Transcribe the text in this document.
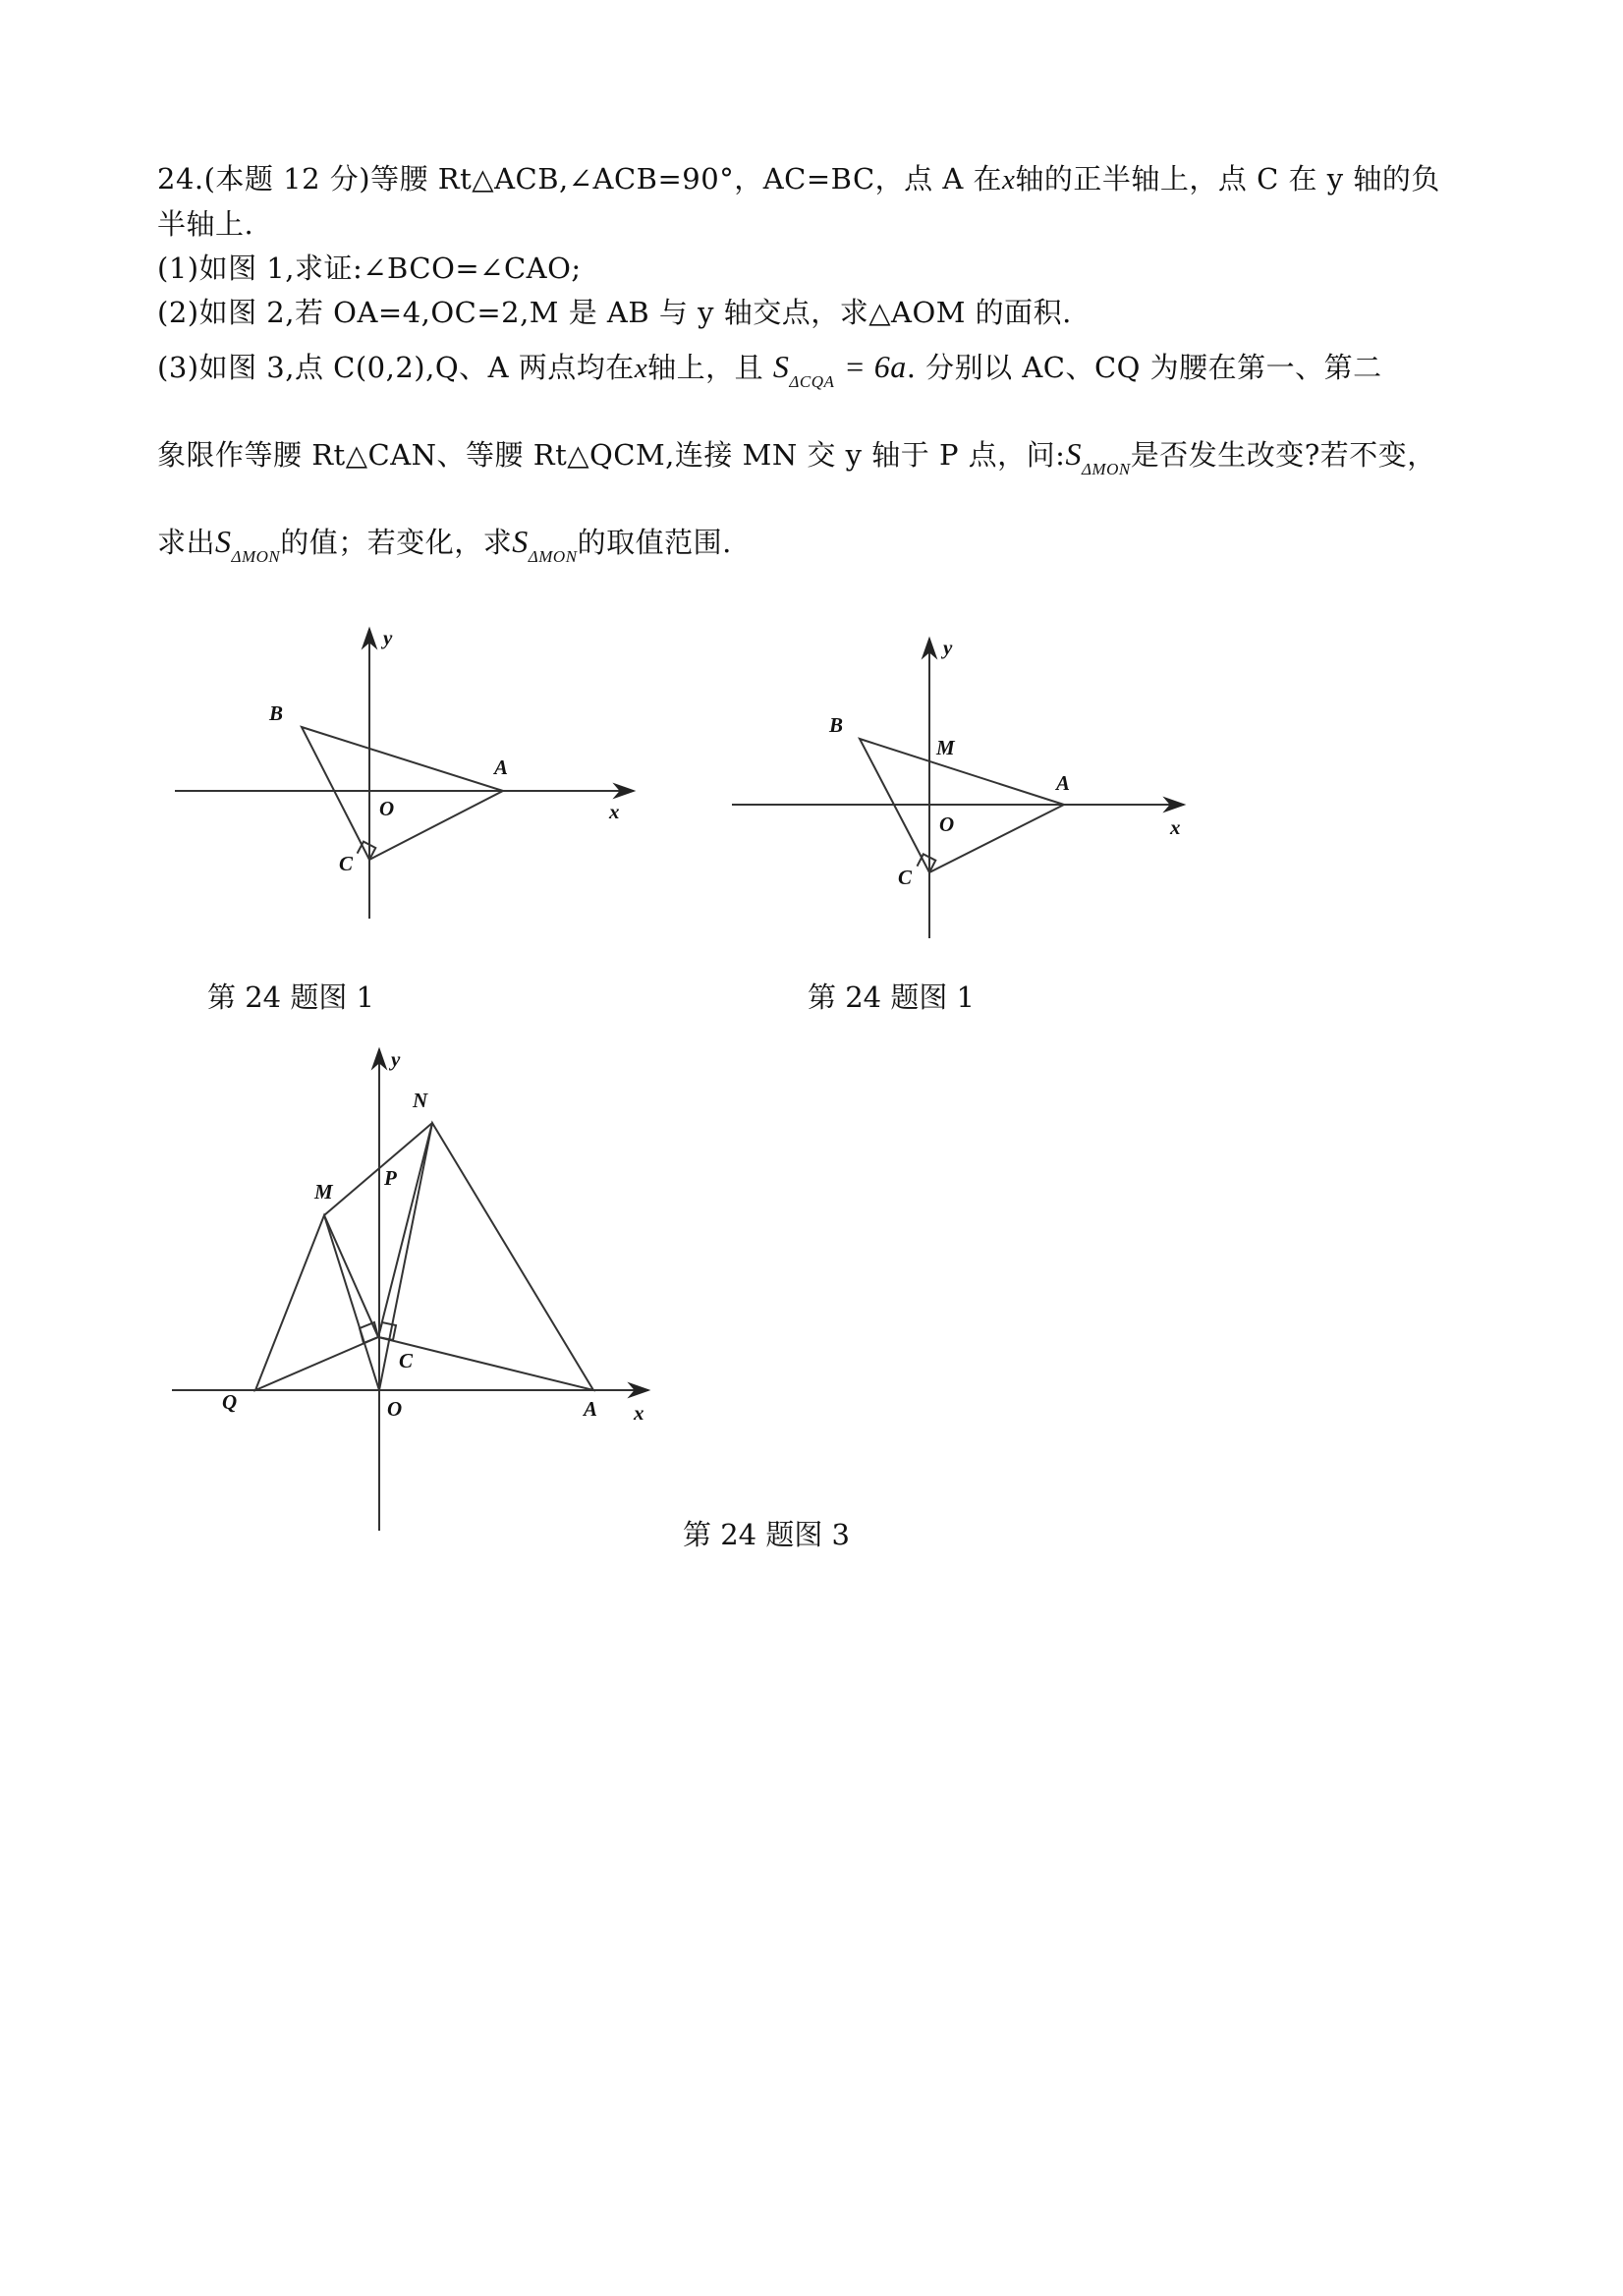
24.(本题 12 分)等腰 Rt△ACB,∠ACB=90°，AC=BC，点 A 在x轴的正半轴上，点 C 在 y 轴的负
半轴上.
(1)如图 1,求证:∠BCO=∠CAO;
(2)如图 2,若 OA=4,OC=2,M 是 AB 与 y 轴交点，求△AOM 的面积.
(3)如图 3,点 C(0,2),Q、A 两点均在x轴上，且 $S_{\Delta CQA} = 6a$. 分别以 AC、CQ 为腰在第一、第二
象限作等腰 Rt△CAN、等腰 Rt△QCM,连接 MN 交 y 轴于 P 点，问$:S_{\Delta MON}$是否发生改变?若不变，
求出$S_{\Delta MON}$的值；若变化，求$S_{\Delta MON}$的取值范围.
y
x
B
A
O
C
y
x
B
M
A
O
C
y
x
N
P
M
C
Q	O	A
第 24 题图 1	第 24 题图 1
第 24 题图 3
